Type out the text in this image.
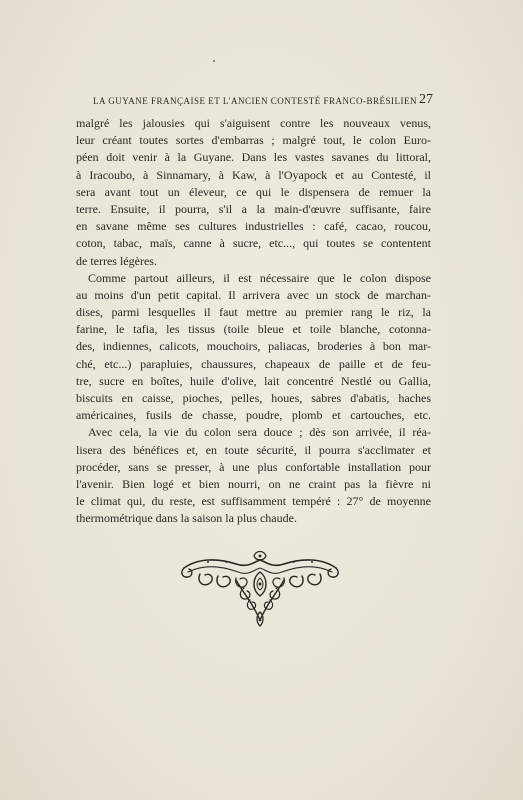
LA GUYANE FRANÇAISE ET L'ANCIEN CONTESTÉ FRANCO-BRÉSILIEN 27
malgré les jalousies qui s'aiguisent contre les nouveaux venus,
leur créant toutes sortes d'embarras ; malgré tout, le colon Euro-
péen doit venir à la Guyane. Dans les vastes savanes du littoral,
à Iracoubo, à Sinnamary, à Kaw, à l'Oyapock et au Contesté, il
sera avant tout un éleveur, ce qui le dispensera de remuer la
terre. Ensuite, il pourra, s'il a la main-d'œuvre suffisante, faire
en savane même ses cultures industrielles : café, cacao, roucou,
coton, tabac, maïs, canne à sucre, etc..., qui toutes se contentent
de terres légères.
Comme partout ailleurs, il est nécessaire que le colon dispose
au moins d'un petit capital. Il arrivera avec un stock de marchan-
dises, parmi lesquelles il faut mettre au premier rang le riz, la
farine, le tafia, les tissus (toile bleue et toile blanche, cotonna-
des, indiennes, calicots, mouchoirs, paliacas, broderies à bon mar-
ché, etc...) parapluies, chaussures, chapeaux de paille et de feu-
tre, sucre en boîtes, huile d'olive, lait concentré Nestlé ou Gallia,
biscuits en caisse, pioches, pelles, houes, sabres d'abatis, haches
américaines, fusils de chasse, poudre, plomb et cartouches, etc.
Avec cela, la vie du colon sera douce ; dès son arrivée, il réa-
lisera des bénéfices et, en toute sécurité, il pourra s'acclimater et
procéder, sans se presser, à une plus confortable installation pour
l'avenir. Bien logé et bien nourri, on ne craint pas la fièvre ni
le climat qui, du reste, est suffisamment tempéré : 27° de moyenne
thermométrique dans la saison la plus chaude.
